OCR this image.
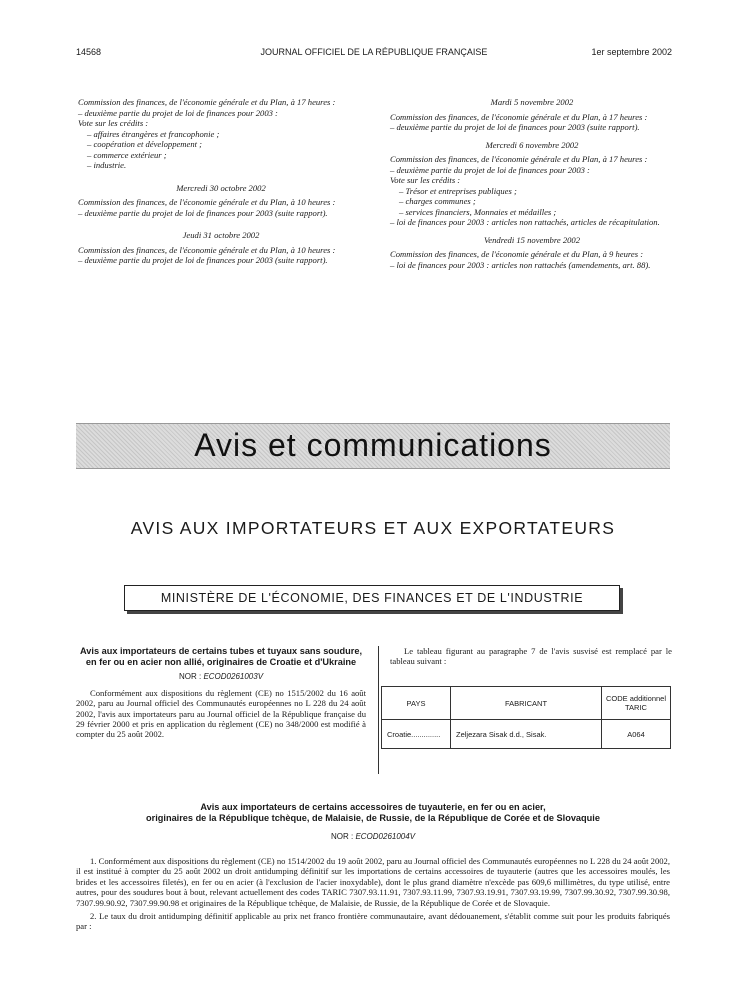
14568	JOURNAL OFFICIEL DE LA RÉPUBLIQUE FRANÇAISE	1er septembre 2002

Commission des finances, de l'économie générale et du Plan, à 17 heures :

– deuxième partie du projet de loi de finances pour 2003 :

Vote sur les crédits :

– affaires étrangères et francophonie ;

– coopération et développement ;

– commerce extérieur ;

– industrie.

Mercredi 30 octobre 2002

Commission des finances, de l'économie générale et du Plan, à 10 heures :

– deuxième partie du projet de loi de finances pour 2003 (suite rapport).

Jeudi 31 octobre 2002

Commission des finances, de l'économie générale et du Plan, à 10 heures :

– deuxième partie du projet de loi de finances pour 2003 (suite rapport).

Mardi 5 novembre 2002

Commission des finances, de l'économie générale et du Plan, à 17 heures :

– deuxième partie du projet de loi de finances pour 2003 (suite rapport).

Mercredi 6 novembre 2002

Commission des finances, de l'économie générale et du Plan, à 17 heures :

– deuxième partie du projet de loi de finances pour 2003 :

Vote sur les crédits :

– Trésor et entreprises publiques ;

– charges communes ;

– services financiers, Monnaies et médailles ;

– loi de finances pour 2003 : articles non rattachés, articles de récapitulation.

Vendredi 15 novembre 2002

Commission des finances, de l'économie générale et du Plan, à 9 heures :

– loi de finances pour 2003 : articles non rattachés (amendements, art. 88).

Avis et communications
AVIS AUX IMPORTATEURS ET AUX EXPORTATEURS
MINISTÈRE DE L'ÉCONOMIE, DES FINANCES ET DE L'INDUSTRIE
Avis aux importateurs de certains tubes et tuyaux sans soudure, en fer ou en acier non allié, originaires de Croatie et d'Ukraine
NOR : ECOD0261003V

Conformément aux dispositions du règlement (CE) no 1515/2002 du 16 août 2002, paru au Journal officiel des Communautés européennes no L 228 du 24 août 2002, l'avis aux importateurs paru au Journal officiel de la République française du 29 février 2000 et pris en application du règlement (CE) no 348/2000 est modifié à compter du 25 août 2002.

Le tableau figurant au paragraphe 7 de l'avis susvisé est remplacé par le tableau suivant :
PAYS	FABRICANT	CODE additionnel TARIC
Croatie..............	Zeljezara Sisak d.d., Sisak.	A064
Avis aux importateurs de certains accessoires de tuyauterie, en fer ou en acier,
originaires de la République tchèque, de Malaisie, de Russie, de la République de Corée et de Slovaquie
NOR : ECOD0261004V

1. Conformément aux dispositions du règlement (CE) no 1514/2002 du 19 août 2002, paru au Journal officiel des Communautés européennes no L 228 du 24 août 2002, il est institué à compter du 25 août 2002 un droit antidumping définitif sur les importations de certains accessoires de tuyauterie (autres que les accessoires moulés, les brides et les accessoires filetés), en fer ou en acier (à l'exclusion de l'acier inoxydable), dont le plus grand diamètre n'excède pas 609,6 millimètres, du type utilisé, entre autres, pour des soudures bout à bout, relevant actuellement des codes TARIC 7307.93.11.91, 7307.93.11.99, 7307.93.19.91, 7307.93.19.99, 7307.99.30.92, 7307.99.30.98, 7307.99.90.92, 7307.99.90.98 et originaires de la République tchèque, de Malaisie, de Russie, de la République de Corée et de Slovaquie.

2. Le taux du droit antidumping définitif applicable au prix net franco frontière communautaire, avant dédouanement, s'établit comme suit pour les produits fabriqués par :
